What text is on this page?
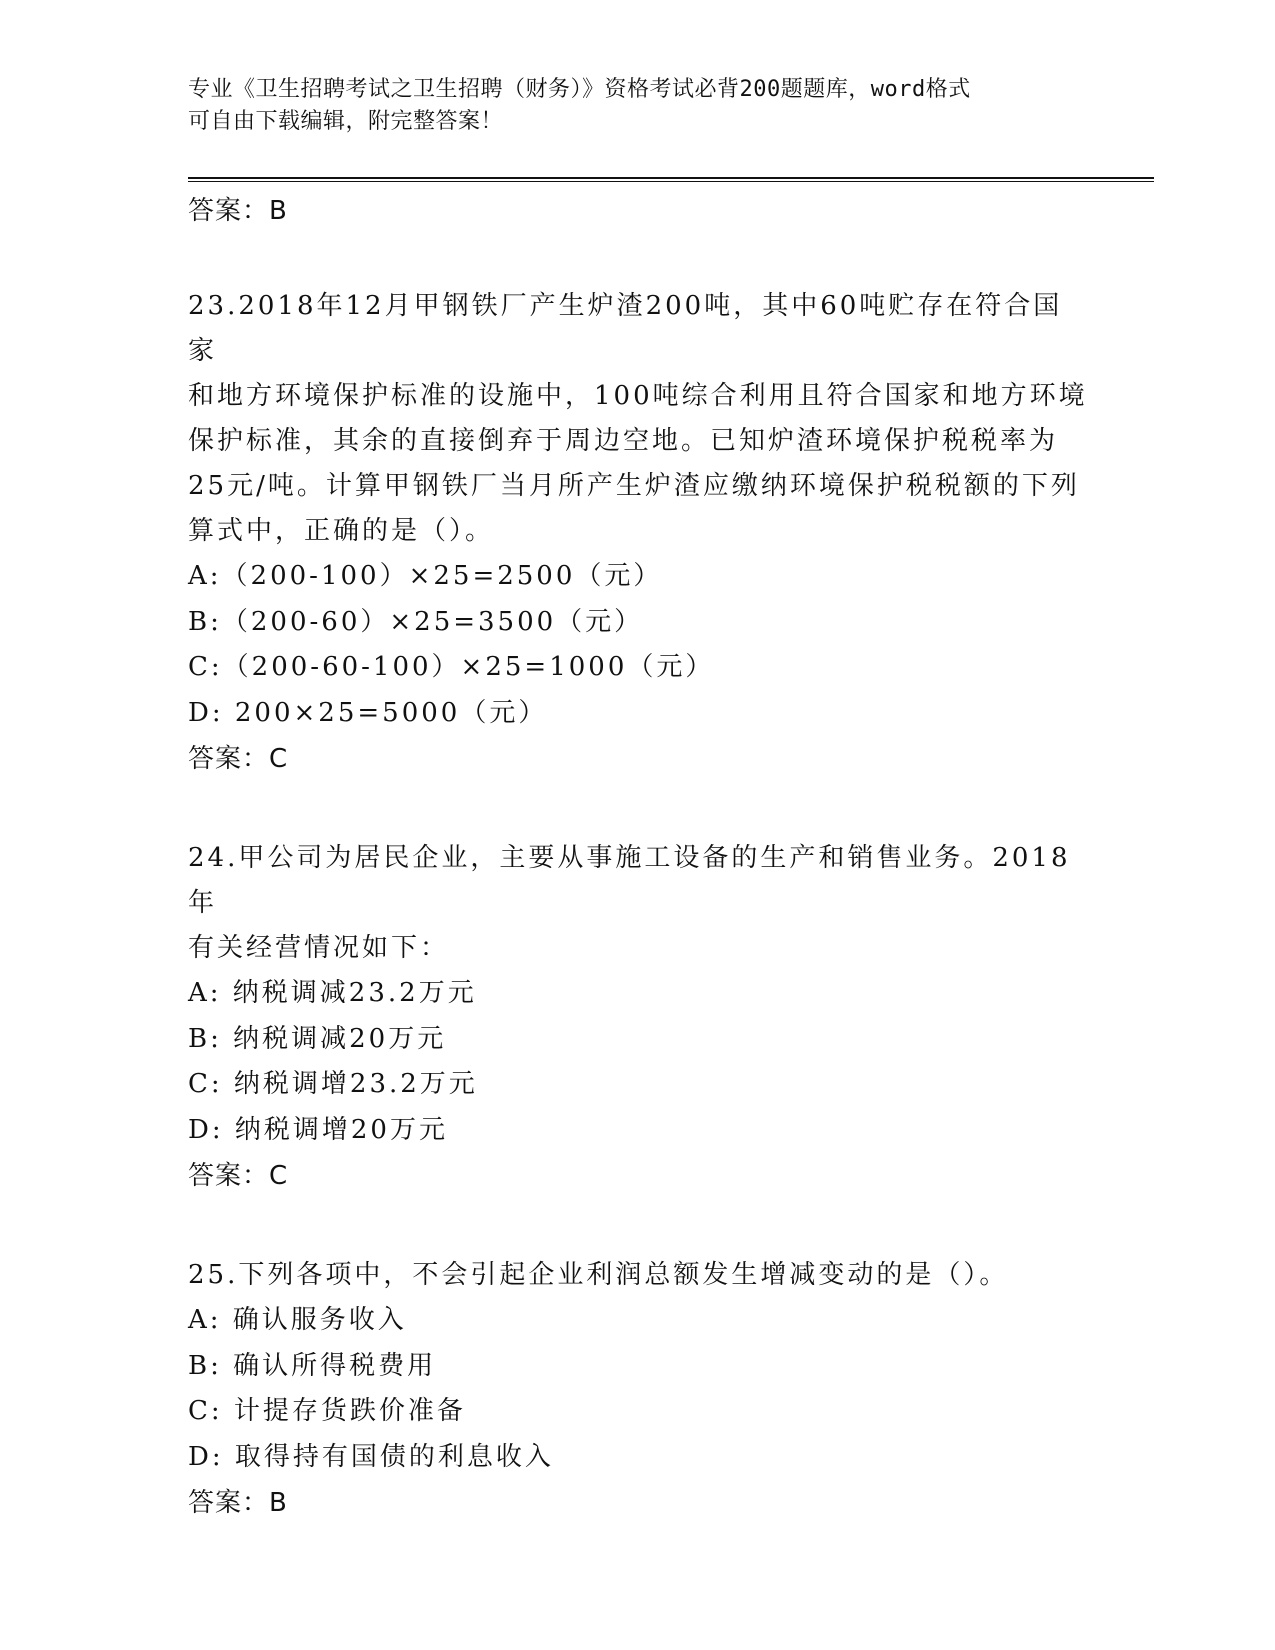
专业《卫生招聘考试之卫生招聘（财务）》资格考试必背200题题库，word格式
可自由下载编辑，附完整答案！
答案：B
23.2018年12月甲钢铁厂产生炉渣200吨，其中60吨贮存在符合国家
和地方环境保护标准的设施中，100吨综合利用且符合国家和地方环境
保护标准，其余的直接倒弃于周边空地。已知炉渣环境保护税税率为
25元/吨。计算甲钢铁厂当月所产生炉渣应缴纳环境保护税税额的下列
算式中，正确的是（）。
A:（200-100）×25=2500（元）
B:（200-60）×25=3500（元）
C:（200-60-100）×25=1000（元）
D: 200×25=5000（元）
答案：C
24.甲公司为居民企业，主要从事施工设备的生产和销售业务。2018年
有关经营情况如下：
A: 纳税调减23.2万元
B: 纳税调减20万元
C: 纳税调增23.2万元
D: 纳税调增20万元
答案：C
25.下列各项中，不会引起企业利润总额发生增减变动的是（）。
A: 确认服务收入
B: 确认所得税费用
C: 计提存货跌价准备
D: 取得持有国债的利息收入
答案：B
